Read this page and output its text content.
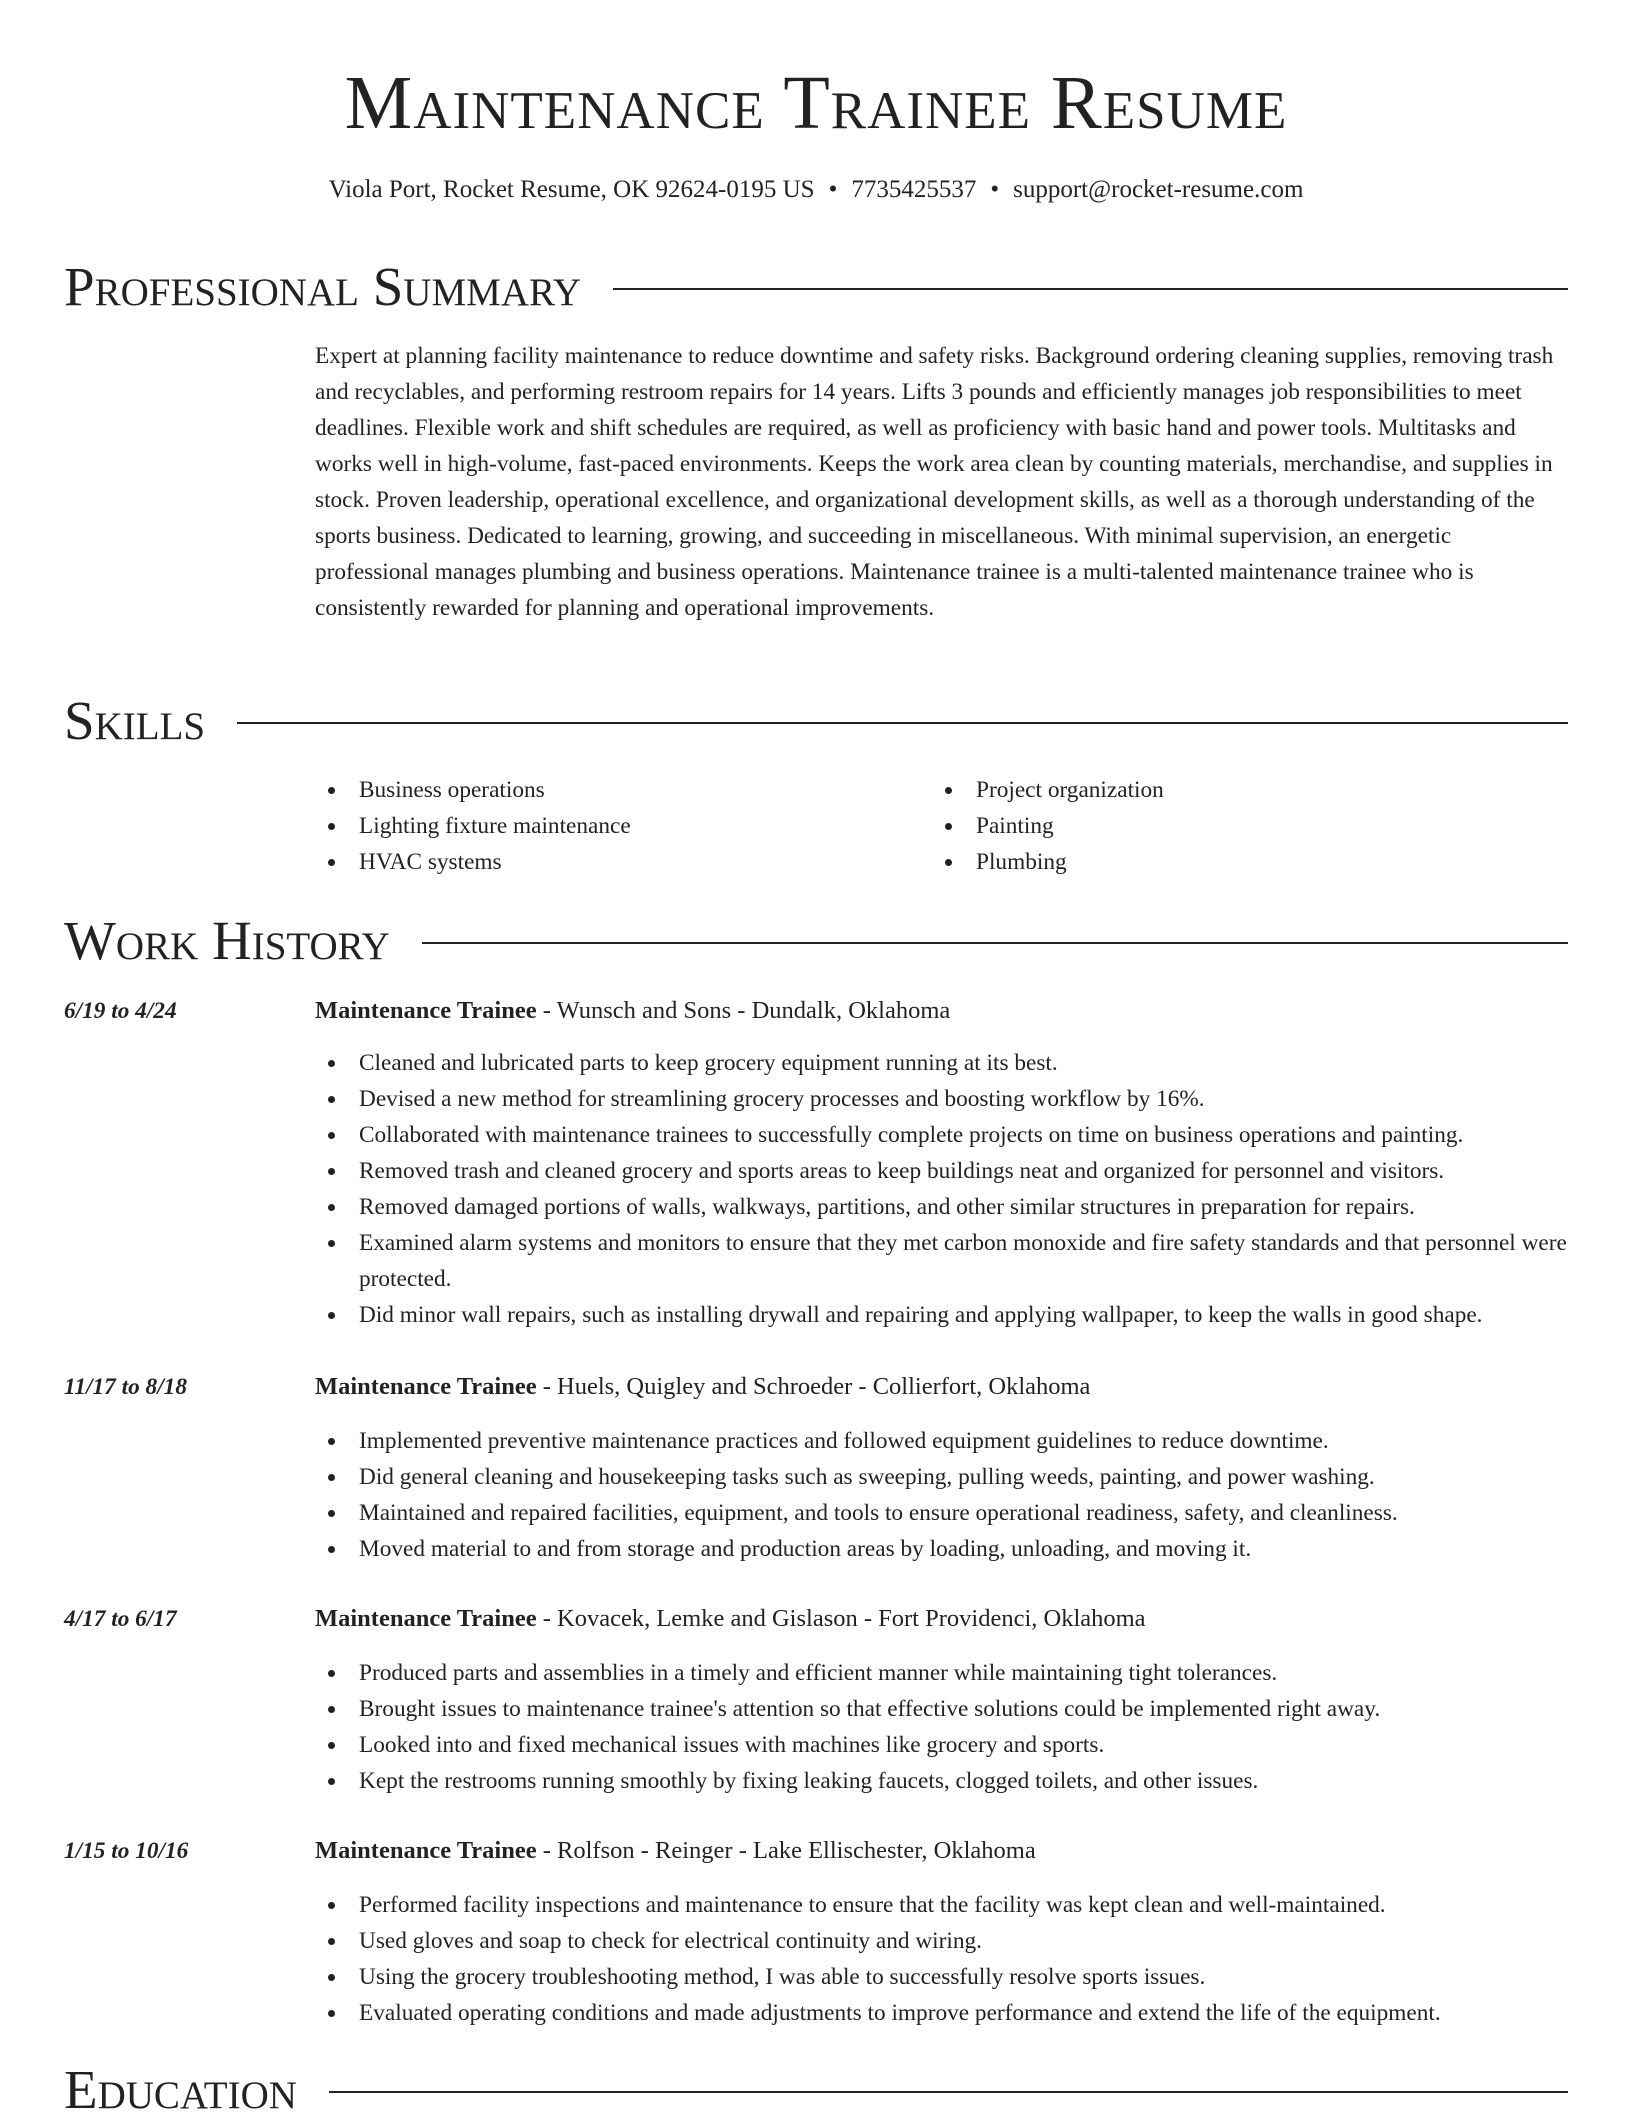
Maintenance Trainee Resume
Viola Port, Rocket Resume, OK 92624-0195 US • 7735425537 • support@rocket-resume.com
Professional Summary

Expert at planning facility maintenance to reduce downtime and safety risks. Background ordering cleaning supplies, removing trash and recyclables, and performing restroom repairs for 14 years. Lifts 3 pounds and efficiently manages job responsibilities to meet deadlines. Flexible work and shift schedules are required, as well as proficiency with basic hand and power tools. Multitasks and works well in high-volume, fast-paced environments. Keeps the work area clean by counting materials, merchandise, and supplies in stock. Proven leadership, operational excellence, and organizational development skills, as well as a thorough understanding of the sports business. Dedicated to learning, growing, and succeeding in miscellaneous. With minimal supervision, an energetic professional manages plumbing and business operations. Maintenance trainee is a multi-talented maintenance trainee who is consistently rewarded for planning and operational improvements.

Skills
Business operations
Lighting fixture maintenance
HVAC systems
Project organization
Painting
Plumbing
Work History
6/19 to 4/24	Maintenance Trainee - Wunsch and Sons - Dundalk, Oklahoma
Cleaned and lubricated parts to keep grocery equipment running at its best.
Devised a new method for streamlining grocery processes and boosting workflow by 16%.
Collaborated with maintenance trainees to successfully complete projects on time on business operations and painting.
Removed trash and cleaned grocery and sports areas to keep buildings neat and organized for personnel and visitors.
Removed damaged portions of walls, walkways, partitions, and other similar structures in preparation for repairs.
Examined alarm systems and monitors to ensure that they met carbon monoxide and fire safety standards and that personnel were protected.
Did minor wall repairs, such as installing drywall and repairing and applying wallpaper, to keep the walls in good shape.
11/17 to 8/18	Maintenance Trainee - Huels, Quigley and Schroeder - Collierfort, Oklahoma
Implemented preventive maintenance practices and followed equipment guidelines to reduce downtime.
Did general cleaning and housekeeping tasks such as sweeping, pulling weeds, painting, and power washing.
Maintained and repaired facilities, equipment, and tools to ensure operational readiness, safety, and cleanliness.
Moved material to and from storage and production areas by loading, unloading, and moving it.
4/17 to 6/17	Maintenance Trainee - Kovacek, Lemke and Gislason - Fort Providenci, Oklahoma
Produced parts and assemblies in a timely and efficient manner while maintaining tight tolerances.
Brought issues to maintenance trainee's attention so that effective solutions could be implemented right away.
Looked into and fixed mechanical issues with machines like grocery and sports.
Kept the restrooms running smoothly by fixing leaking faucets, clogged toilets, and other issues.
1/15 to 10/16	Maintenance Trainee - Rolfson - Reinger - Lake Ellischester, Oklahoma
Performed facility inspections and maintenance to ensure that the facility was kept clean and well-maintained.
Used gloves and soap to check for electrical continuity and wiring.
Using the grocery troubleshooting method, I was able to successfully resolve sports issues.
Evaluated operating conditions and made adjustments to improve performance and extend the life of the equipment.
Education
